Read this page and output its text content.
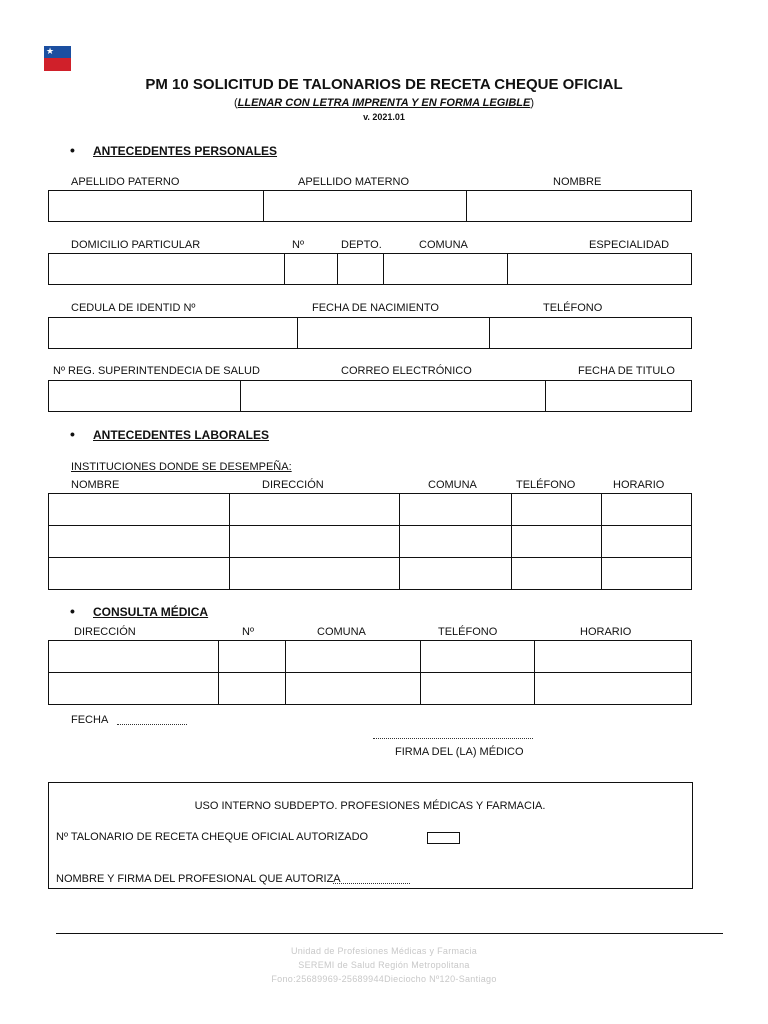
★
PM 10 SOLICITUD DE TALONARIOS DE RECETA CHEQUE OFICIAL
(LLENAR CON LETRA IMPRENTA Y EN FORMA LEGIBLE)
v. 2021.01
• ANTECEDENTES PERSONALES
APELLIDO PATERNO	APELLIDO MATERNO	NOMBRE

DOMICILIO PARTICULAR	Nº	DEPTO.	COMUNA	ESPECIALIDAD

CEDULA DE IDENTID Nº	FECHA DE NACIMIENTO	TELÉFONO

Nº REG. SUPERINTENDECIA DE SALUD	CORREO ELECTRÓNICO	FECHA DE TITULO

• ANTECEDENTES LABORALES
INSTITUCIONES DONDE SE DESEMPEÑA:
NOMBRE	DIRECCIÓN	COMUNA	TELÉFONO	HORARIO

• CONSULTA MÉDICA
DIRECCIÓN	Nº	COMUNA	TELÉFONO	HORARIO

FECHA
FIRMA DEL (LA) MÉDICO
USO INTERNO SUBDEPTO. PROFESIONES MÉDICAS Y FARMACIA.
Nº TALONARIO DE RECETA CHEQUE OFICIAL AUTORIZADO
NOMBRE Y FIRMA DEL PROFESIONAL QUE AUTORIZA
Unidad de Profesiones Médicas y Farmacia
SEREMI de Salud Región Metropolitana
Fono:25689969-25689944Dieciocho Nº120-Santiago
